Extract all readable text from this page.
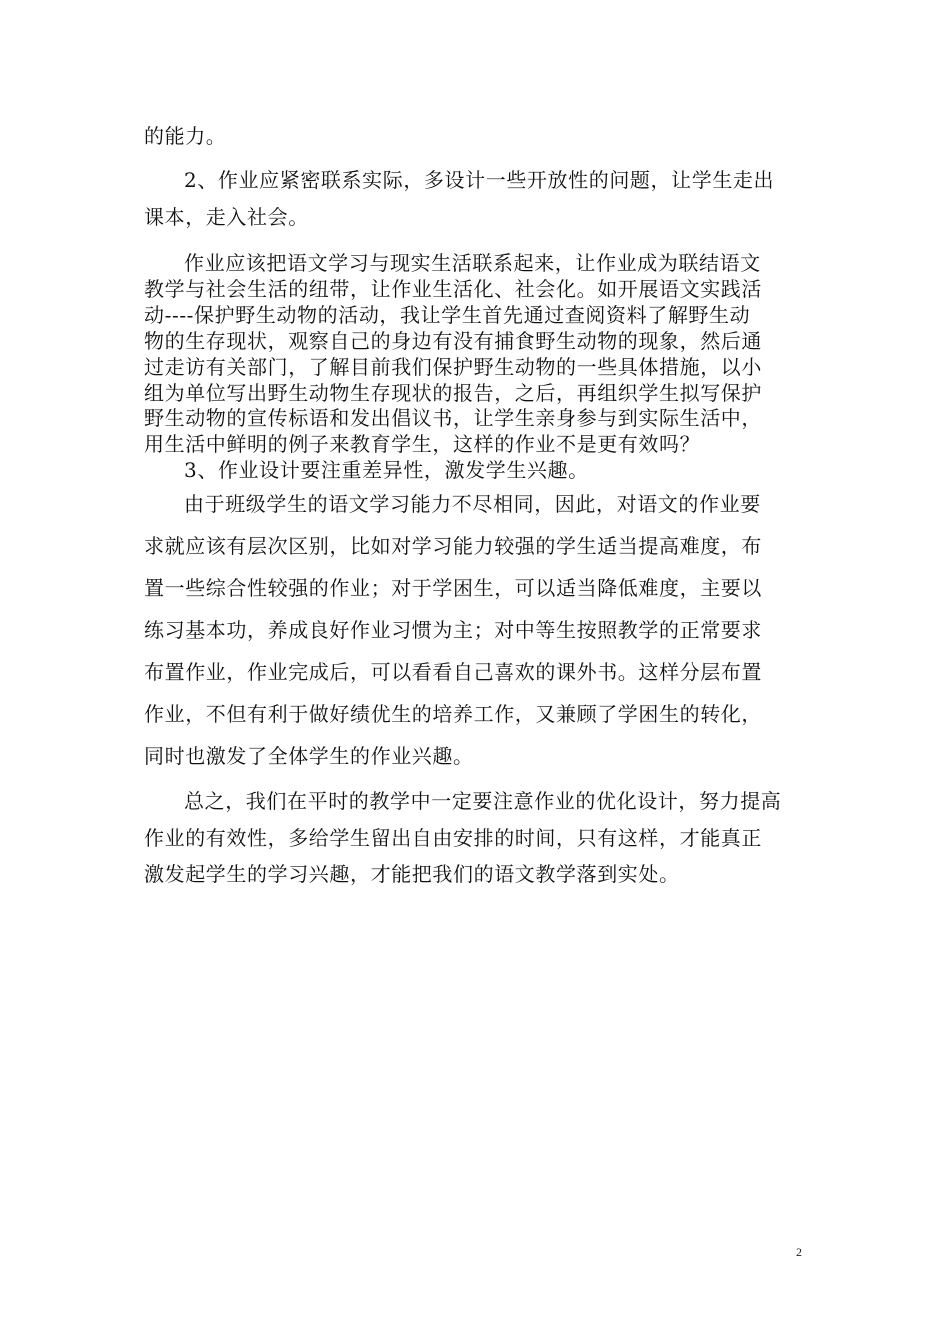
的能力。
2、作业应紧密联系实际，多设计一些开放性的问题，让学生走出
课本，走入社会。
作业应该把语文学习与现实生活联系起来，让作业成为联结语文
教学与社会生活的纽带，让作业生活化、社会化。如开展语文实践活
动----保护野生动物的活动，我让学生首先通过查阅资料了解野生动
物的生存现状，观察自己的身边有没有捕食野生动物的现象，然后通
过走访有关部门，了解目前我们保护野生动物的一些具体措施，以小
组为单位写出野生动物生存现状的报告，之后，再组织学生拟写保护
野生动物的宣传标语和发出倡议书，让学生亲身参与到实际生活中，
用生活中鲜明的例子来教育学生，这样的作业不是更有效吗？
3、作业设计要注重差异性，激发学生兴趣。
由于班级学生的语文学习能力不尽相同，因此，对语文的作业要
求就应该有层次区别，比如对学习能力较强的学生适当提高难度，布
置一些综合性较强的作业；对于学困生，可以适当降低难度，主要以
练习基本功，养成良好作业习惯为主；对中等生按照教学的正常要求
布置作业，作业完成后，可以看看自己喜欢的课外书。这样分层布置
作业，不但有利于做好绩优生的培养工作，又兼顾了学困生的转化，
同时也激发了全体学生的作业兴趣。
总之，我们在平时的教学中一定要注意作业的优化设计，努力提高
作业的有效性，多给学生留出自由安排的时间，只有这样，才能真正
激发起学生的学习兴趣，才能把我们的语文教学落到实处。
2
